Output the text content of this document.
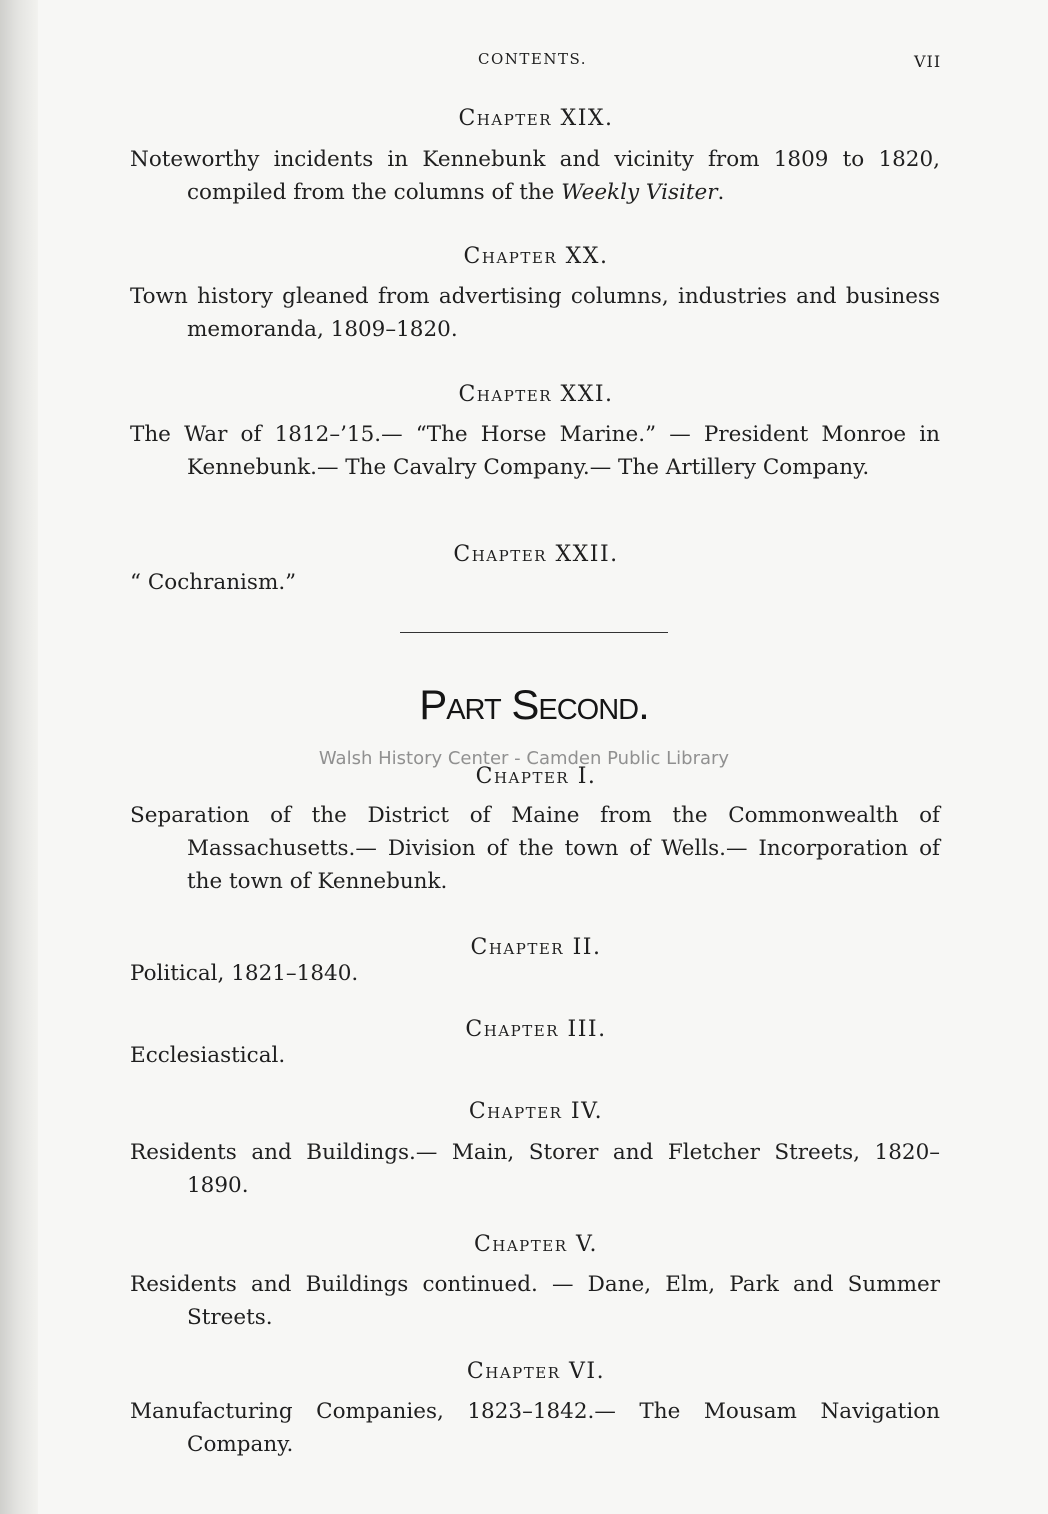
CONTENTS.	VII
Chapter XIX.
Noteworthy incidents in Kennebunk and vicinity from 1809 to 1820, compiled from the columns of the Weekly Visiter.
Chapter XX.
Town history gleaned from advertising columns, industries and business memoranda, 1809–1820.
Chapter XXI.
The War of 1812–’15.— “The Horse Marine.” — President Monroe in Kennebunk.— The Cavalry Company.— The Artillery Company.
Chapter XXII.
“ Cochranism.”
Part Second.
Walsh History Center - Camden Public Library
Chapter I.
Separation of the District of Maine from the Commonwealth of Massachusetts.— Division of the town of Wells.— Incorporation of the town of Kennebunk.
Chapter II.
Political, 1821–1840.
Chapter III.
Ecclesiastical.
Chapter IV.
Residents and Buildings.— Main, Storer and Fletcher Streets, 1820–1890.
Chapter V.
Residents and Buildings continued. — Dane, Elm, Park and Summer Streets.
Chapter VI.
Manufacturing Companies, 1823–1842.— The Mousam Navigation Company.
